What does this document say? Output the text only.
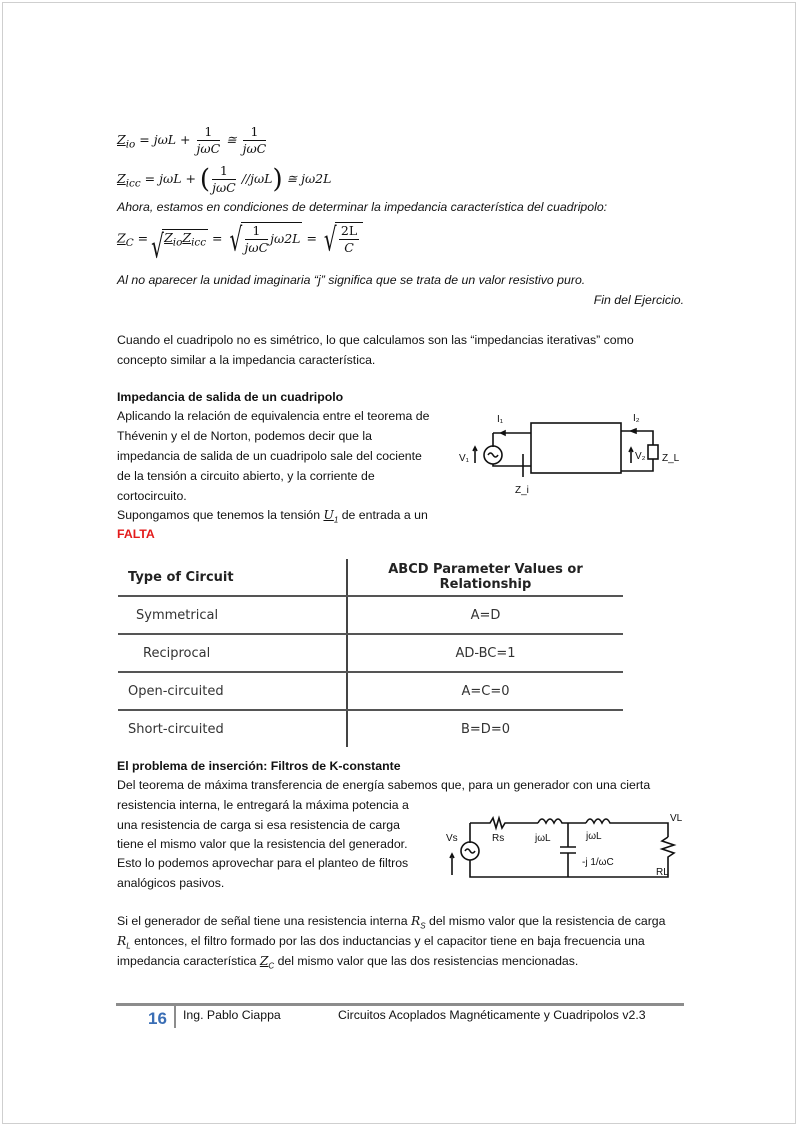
$Z_{io} = j\omega L + \frac{1}{\text{jωC}}$ ≅ $\frac{1}{\text{jωC}}$
$Z_{icc} = j\omega L$ + ( $\frac{1}{\text{jωC}} //j\omega L$) ≅ jω2L
Ahora, estamos en condiciones de determinar la impedancia característica del cuadripolo:
$Z_C$ = √ $Z_{io}Z_{icc}$ = √ $\frac{1}{\text{jωC}} j\omega 2L$ = √ $\frac{2L}{C}$
Al no aparecer la unidad imaginaria “j” significa que se trata de un valor resistivo puro.
Fin del Ejercicio.
Cuando el cuadripolo no es simétrico, lo que calculamos son las “impedancias iterativas” como
concepto similar a la impedancia característica.
Impedancia de salida de un cuadripolo
Aplicando la relación de equivalencia entre el teorema de
Thévenin y el de Norton, podemos decir que la
impedancia de salida de un cuadripolo sale del cociente
de la tensión a circuito abierto, y la corriente de
cortocircuito.
Supongamos que tenemos la tensión $U_1$ de entrada a un
FALTA
I₁	I₂
V₁	V₂ Z_L
Z_i
Type of Circuit	ABCD Parameter Values or Relationship
Symmetrical	A=D
Reciprocal	AD-BC=1
Open-circuited	A=C=0
Short-circuited	B=D=0
El problema de inserción: Filtros de K-constante
Del teorema de máxima transferencia de energía sabemos que, para un generador con una cierta
resistencia interna, le entregará la máxima potencia a
una resistencia de carga si esa resistencia de carga
tiene el mismo valor que la resistencia del generador.
Esto lo podemos aprovechar para el planteo de filtros
analógicos pasivos.
Vs	Rs	jωL	jωL
-j 1/ωC
VL
RL
Si el generador de señal tiene una resistencia interna $R_S$ del mismo valor que la resistencia de carga
$R_L$ entonces, el filtro formado por las dos inductancias y el capacitor tiene en baja frecuencia una
impedancia característica $Z_C$ del mismo valor que las dos resistencias mencionadas.
16 Ing. Pablo Ciappa	Circuitos Acoplados Magnéticamente y Cuadripolos v2.3
